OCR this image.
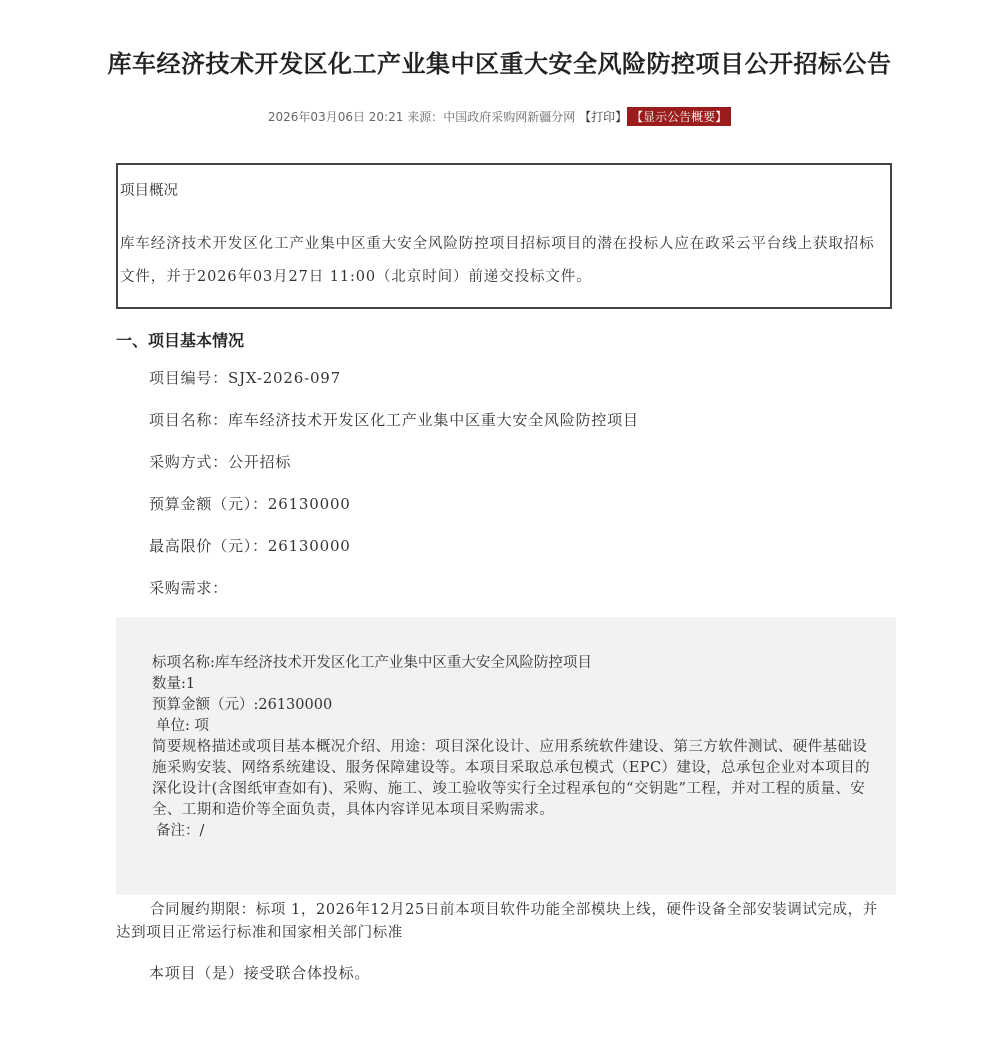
库车经济技术开发区化工产业集中区重大安全风险防控项目公开招标公告
2026年03月06日 20:21 来源：中国政府采购网新疆分网 【打印】 【显示公告概要】
项目概况
库车经济技术开发区化工产业集中区重大安全风险防控项目招标项目的潜在投标人应在政采云平台线上获取招标文件，并于2026年03月27日 11:00（北京时间）前递交投标文件。
一、项目基本情况
项目编号：SJX-2026-097
项目名称：库车经济技术开发区化工产业集中区重大安全风险防控项目
采购方式：公开招标
预算金额（元）：26130000
最高限价（元）：26130000
采购需求：
标项名称:库车经济技术开发区化工产业集中区重大安全风险防控项目
数量:1
预算金额（元）:26130000
单位: 项
简要规格描述或项目基本概况介绍、用途：项目深化设计、应用系统软件建设、第三方软件测试、硬件基础设施采购安装、网络系统建设、服务保障建设等。本项目采取总承包模式（EPC）建设，总承包企业对本项目的深化设计(含图纸审查如有)、采购、施工、竣工验收等实行全过程承包的“交钥匙”工程，并对工程的质量、安全、工期和造价等全面负责，具体内容详见本项目采购需求。
备注：/
合同履约期限：标项 1，2026年12月25日前本项目软件功能全部模块上线，硬件设备全部安装调试完成，并达到项目正常运行标准和国家相关部门标准
本项目（是）接受联合体投标。
